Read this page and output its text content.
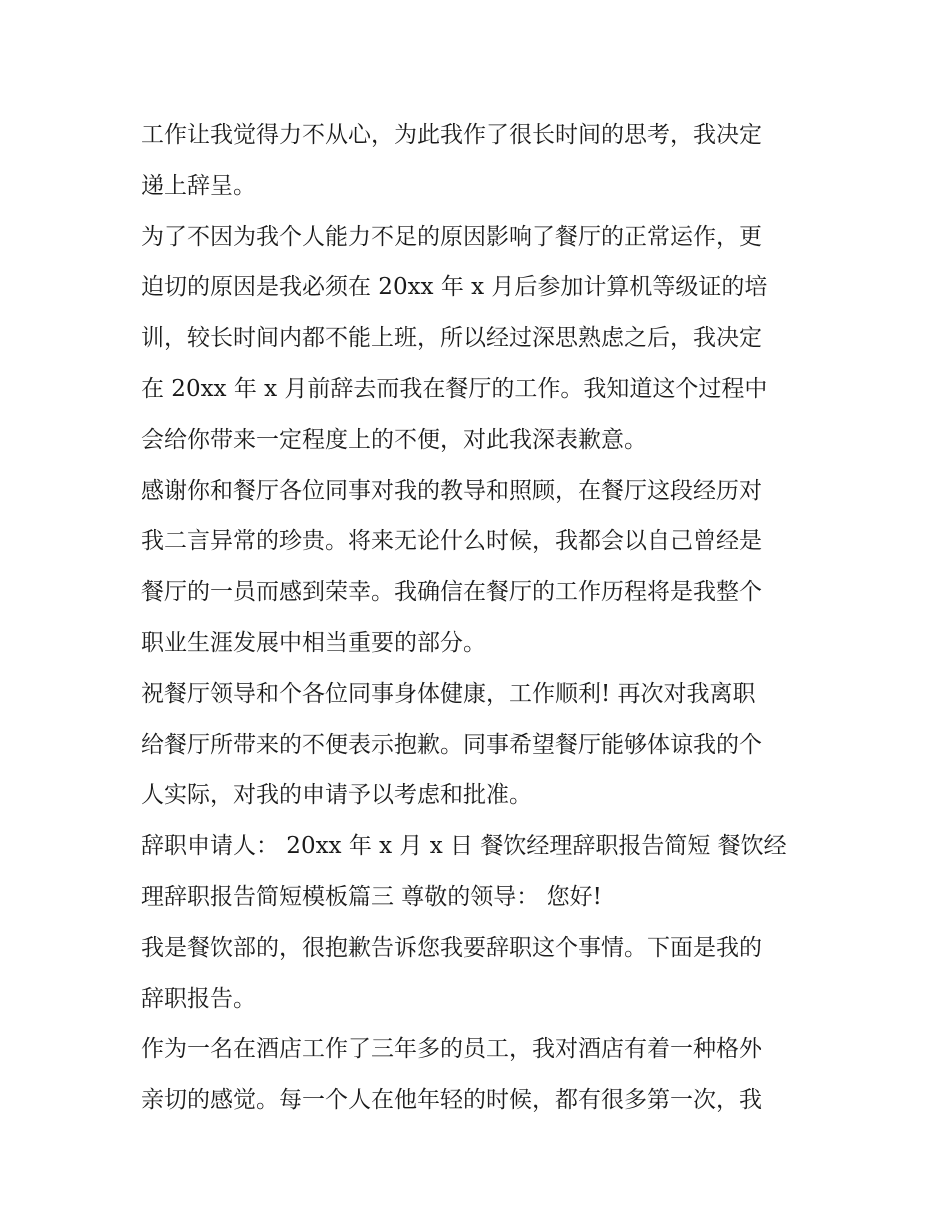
工作让我觉得力不从心，为此我作了很长时间的思考，我决定
递上辞呈。
为了不因为我个人能力不足的原因影响了餐厅的正常运作，更
迫切的原因是我必须在 20xx 年 x 月后参加计算机等级证的培
训，较长时间内都不能上班，所以经过深思熟虑之后，我决定
在 20xx 年 x 月前辞去而我在餐厅的工作。我知道这个过程中
会给你带来一定程度上的不便，对此我深表歉意。
感谢你和餐厅各位同事对我的教导和照顾，在餐厅这段经历对
我二言异常的珍贵。将来无论什么时候，我都会以自己曾经是
餐厅的一员而感到荣幸。我确信在餐厅的工作历程将是我整个
职业生涯发展中相当重要的部分。
祝餐厅领导和个各位同事身体健康，工作顺利! 再次对我离职
给餐厅所带来的不便表示抱歉。同事希望餐厅能够体谅我的个
人实际，对我的申请予以考虑和批准。
辞职申请人： 20xx 年 x 月 x 日 餐饮经理辞职报告简短 餐饮经
理辞职报告简短模板篇三 尊敬的领导： 您好!
我是餐饮部的，很抱歉告诉您我要辞职这个事情。下面是我的
辞职报告。
作为一名在酒店工作了三年多的员工，我对酒店有着一种格外
亲切的感觉。每一个人在他年轻的时候，都有很多第一次，我
